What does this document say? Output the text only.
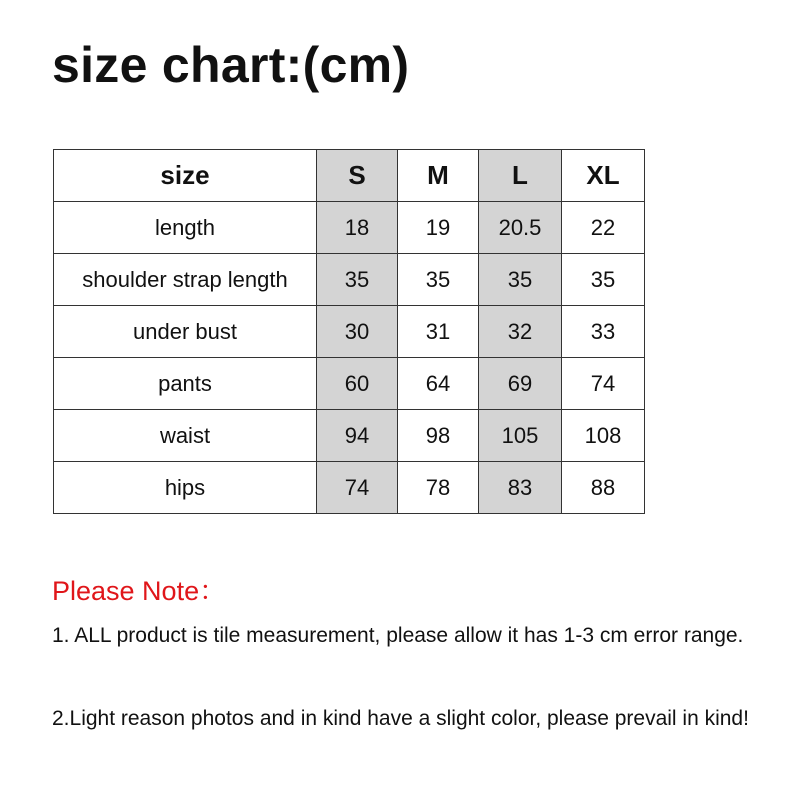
size chart:(cm)
size	S	M	L	XL
length	18	19	20.5	22
shoulder strap length	35	35	35	35
under bust	30	31	32	33
pants	60	64	69	74
waist	94	98	105	108
hips	74	78	83	88

Please Note：

1. ALL product is tile measurement, please allow it has 1-3 cm error range.

2.Light reason photos and in kind have a slight color, please prevail in kind!
